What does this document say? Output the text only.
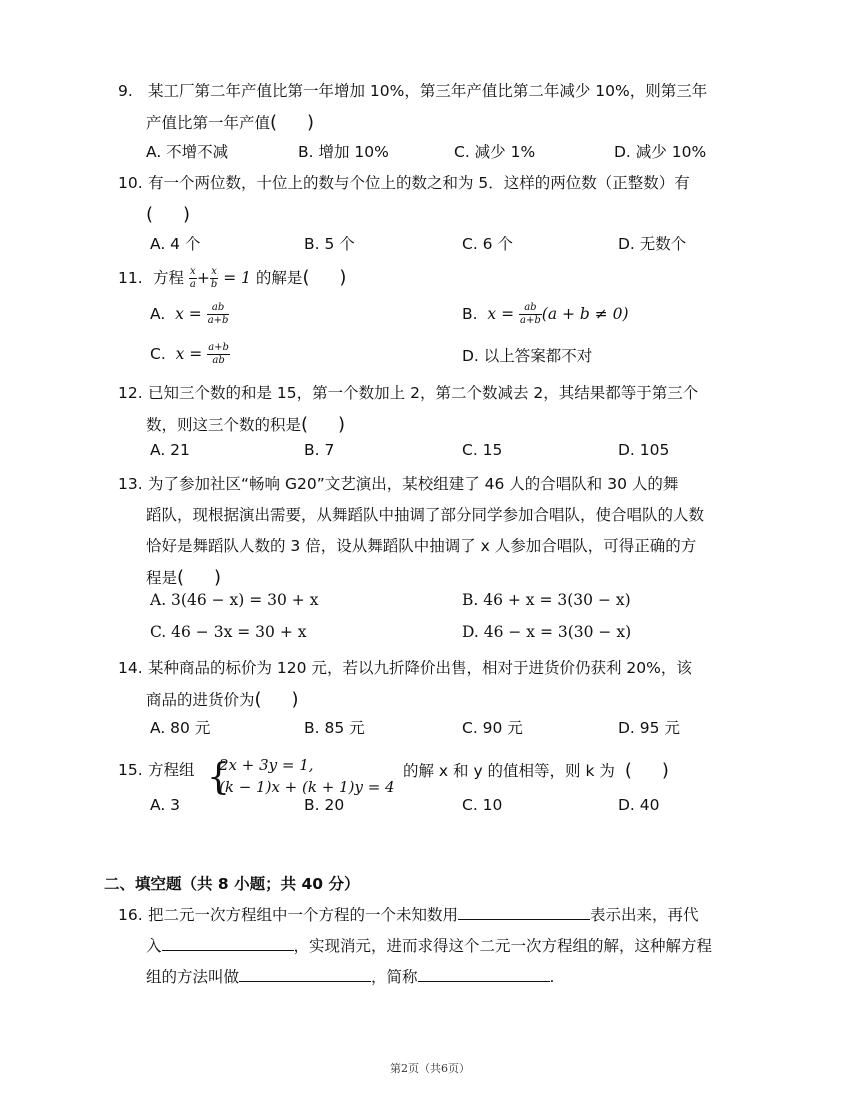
9. 某工厂第二年产值比第一年增加 10%，第三年产值比第二年减少 10%，则第三年
产值比第一年产值( )
A. 不增不减	B. 增加 10%	C. 减少 1%	D. 减少 10%
10. 有一个两位数，十位上的数与个位上的数之和为 5．这样的两位数（正整数）有
( )
A. 4 个	B. 5 个	C. 6 个	D. 无数个
11. 方程 $\frac{x}{a} + \frac{x}{b} = 1$ 的解是( )
A. $x = \frac{ab}{a+b}$	B. $x = \frac{ab}{a+b} (a + b \ne 0)$
C. $x = \frac{a+b}{ab}$	D. 以上答案都不对
12. 已知三个数的和是 15，第一个数加上 2，第二个数减去 2，其结果都等于第三个
数，则这三个数的积是( )
A. 21	B. 7	C. 15	D. 105
13. 为了参加社区“畅响 G20”文艺演出，某校组建了 46 人的合唱队和 30 人的舞
蹈队，现根据演出需要，从舞蹈队中抽调了部分同学参加合唱队，使合唱队的人数
恰好是舞蹈队人数的 3 倍，设从舞蹈队中抽调了 x 人参加合唱队，可得正确的方
程是( )
A. 3(46 − x) = 30 + x	B. 46 + x = 3(30 − x)
C. 46 − 3x = 30 + x	D. 46 − x = 3(30 − x)
14. 某种商品的标价为 120 元，若以九折降价出售，相对于进货价仍获利 20%，该
商品的进货价为( )
A. 80 元	B. 85 元	C. 90 元	D. 95 元
15. 方程组 {
2x + 3y = 1,
(k − 1)x + (k + 1)y = 4
的解 x 和 y 的值相等，则 k 为( )
A. 3	B. 20	C. 10	D. 40
二、填空题（共 8 小题；共 40 分）
16. 把二元一次方程组中一个方程的一个未知数用	表示出来，再代
入	，实现消元，进而求得这个二元一次方程组的解，这种解方程
组的方法叫做	，简称	.
第2页（共6页）
